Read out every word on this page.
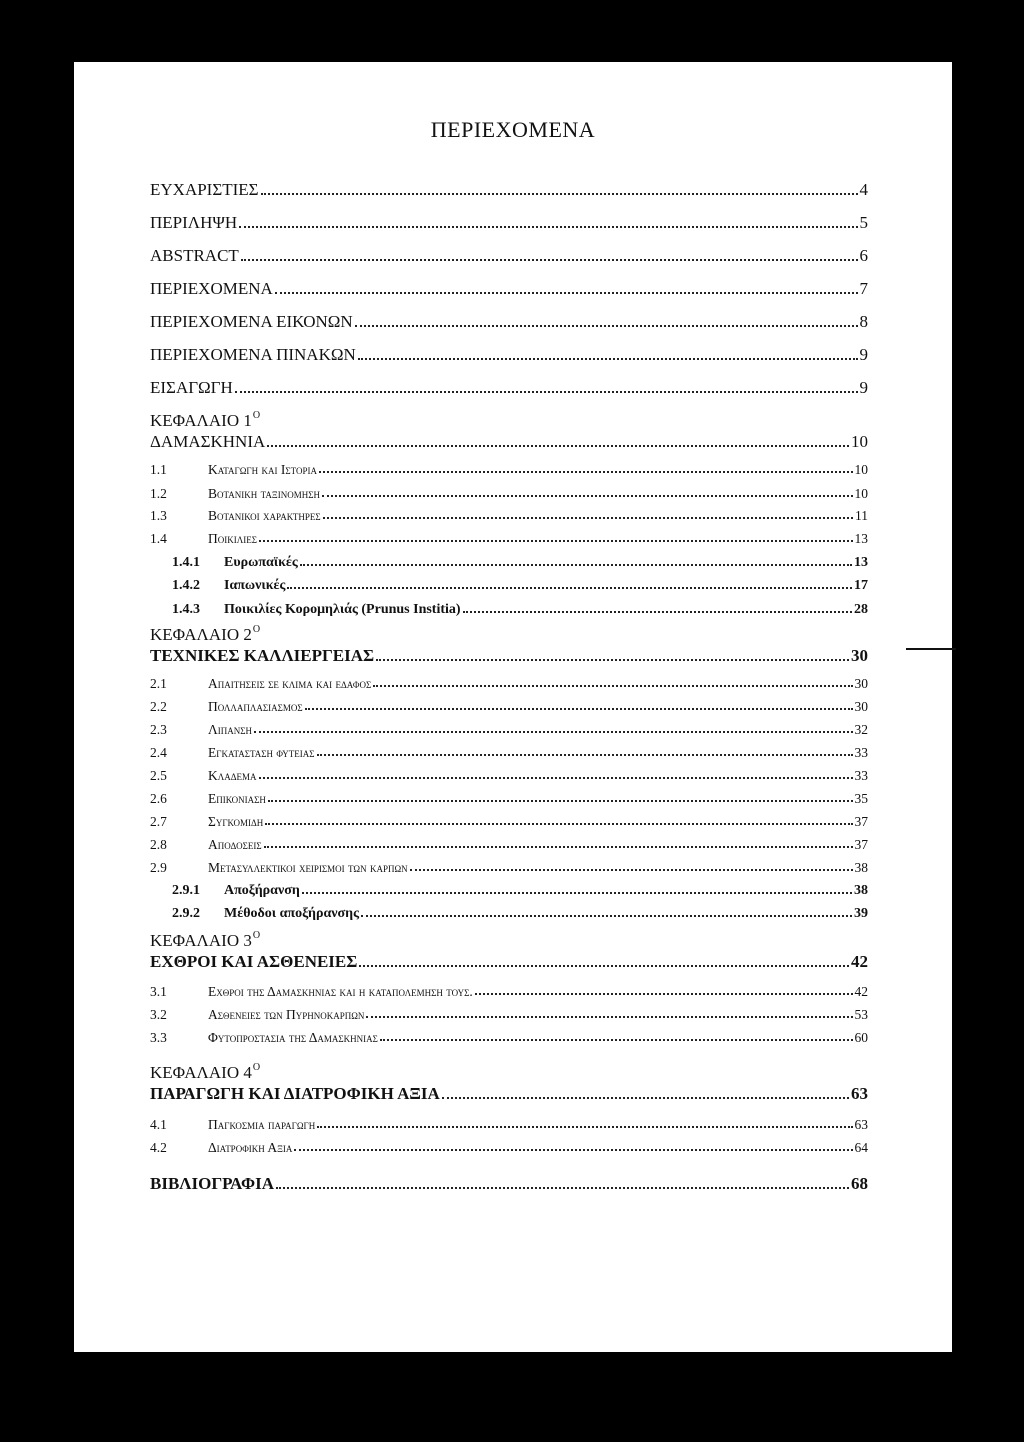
ΠΕΡΙΕΧΟΜΕΝΑ
ΕΥΧΑΡΙΣΤΙΕΣ	4
ΠΕΡΙΛΗΨΗ	5
ABSTRACT	6
ΠΕΡΙΕΧΟΜΕΝΑ	7
ΠΕΡΙΕΧΟΜΕΝΑ ΕΙΚΟΝΩΝ	8
ΠΕΡΙΕΧΟΜΕΝΑ ΠΙΝΑΚΩΝ	9
ΕΙΣΑΓΩΓΗ	9
ΚΕΦΑΛΑΙΟ $1^O$
ΔΑΜΑΣΚΗΝΙΑ	10
1.1	Καταγωγη και Ιστορια	10
1.2	Βοτανικη ταξινομηση	10
1.3	Βοτανικοι χαρακτηρες	11
1.4	Ποικιλιες	13
1.4.1	Ευρωπαϊκές	13
1.4.2	Ιαπωνικές	17
1.4.3	Ποικιλίες Κορομηλιάς (Prunus Institia)	28
ΚΕΦΑΛΑΙΟ $2^O$
ΤΕΧΝΙΚΕΣ ΚΑΛΛΙΕΡΓΕΙΑΣ	30
2.1	Απαιτησεις σε κλιμα και εδαφος	30
2.2	Πολλαπλασιασμος	30
2.3	Λιπανση	32
2.4	Εγκατασταση φυτειας	33
2.5	Κλαδεμα	33
2.6	Επικονιαση	35
2.7	Συγκομιδη	37
2.8	Αποδοσεις	37
2.9	Μετασυλλεκτικοι χειρισμοι των καρπων	38
2.9.1	Αποξήρανση	38
2.9.2	Μέθοδοι αποξήρανσης	39
ΚΕΦΑΛΑΙΟ $3^O$
ΕΧΘΡΟΙ ΚΑΙ ΑΣΘΕΝΕΙΕΣ	42
3.1	Εχθροι της Δαμασκηνιας και η καταπολεμηση τους.	42
3.2	Ασθενειες των Πυρηνοκαρπων	53
3.3	Φυτοπροστασια της Δαμασκηνιας	60
ΚΕΦΑΛΑΙΟ $4^O$
ΠΑΡΑΓΩΓΗ ΚΑΙ ΔΙΑΤΡΟΦΙΚΗ ΑΞΙΑ	63
4.1	Παγκοσμια παραγωγη	63
4.2	Διατροφικη Αξια	64
ΒΙΒΛΙΟΓΡΑΦΙΑ	68
